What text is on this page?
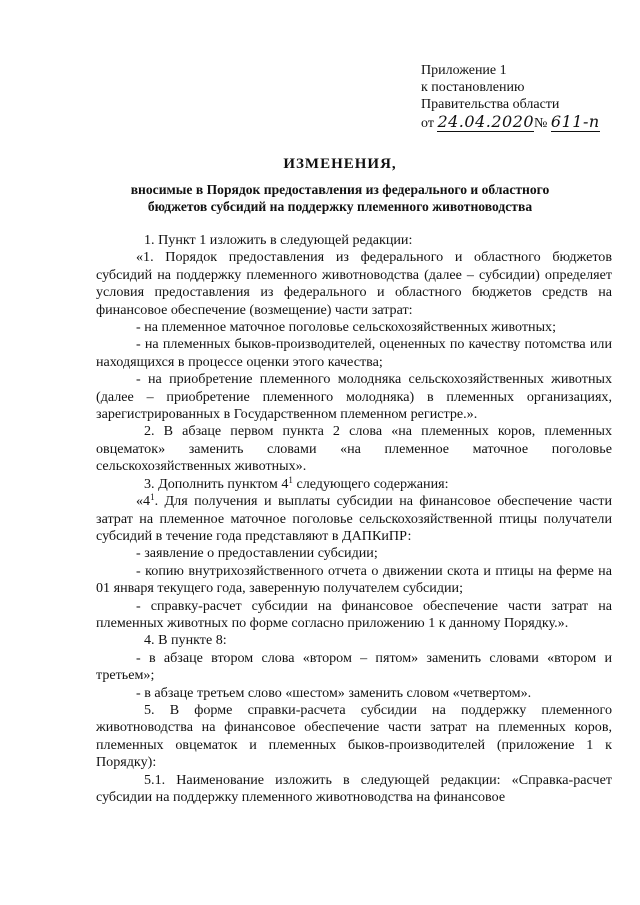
Приложение 1
к постановлению
Правительства области
от 24.04.2020№ 611-п
ИЗМЕНЕНИЯ,
вносимые в Порядок предоставления из федерального и областного
бюджетов субсидий на поддержку племенного животноводства

1. Пункт 1 изложить в следующей редакции:

«1. Порядок предоставления из федерального и областного бюджетов субсидий на поддержку племенного животноводства (далее – субсидии) определяет условия предоставления из федерального и областного бюджетов средств на финансовое обеспечение (возмещение) части затрат:

- на племенное маточное поголовье сельскохозяйственных животных;

- на племенных быков-производителей, оцененных по качеству потомства или находящихся в процессе оценки этого качества;

- на приобретение племенного молодняка сельскохозяйственных животных (далее – приобретение племенного молодняка) в племенных организациях, зарегистрированных в Государственном племенном регистре.».

2. В абзаце первом пункта 2 слова «на племенных коров, племенных овцематок» заменить словами «на племенное маточное поголовье сельскохозяйственных животных».

3. Дополнить пунктом $4^1$ следующего содержания:

«$4^1$. Для получения и выплаты субсидии на финансовое обеспечение части затрат на племенное маточное поголовье сельскохозяйственной птицы получатели субсидий в течение года представляют в ДАПКиПР:

- заявление о предоставлении субсидии;

- копию внутрихозяйственного отчета о движении скота и птицы на ферме на 01 января текущего года, заверенную получателем субсидии;

- справку-расчет субсидии на финансовое обеспечение части затрат на племенных животных по форме согласно приложению 1 к данному Порядку.».

4. В пункте 8:

- в абзаце втором слова «втором – пятом» заменить словами «втором и третьем»;

- в абзаце третьем слово «шестом» заменить словом «четвертом».

5. В форме справки-расчета субсидии на поддержку племенного животноводства на финансовое обеспечение части затрат на племенных коров, племенных овцематок и племенных быков-производителей (приложение 1 к Порядку):

5.1. Наименование изложить в следующей редакции: «Справка-расчет субсидии на поддержку племенного животноводства на финансовое
